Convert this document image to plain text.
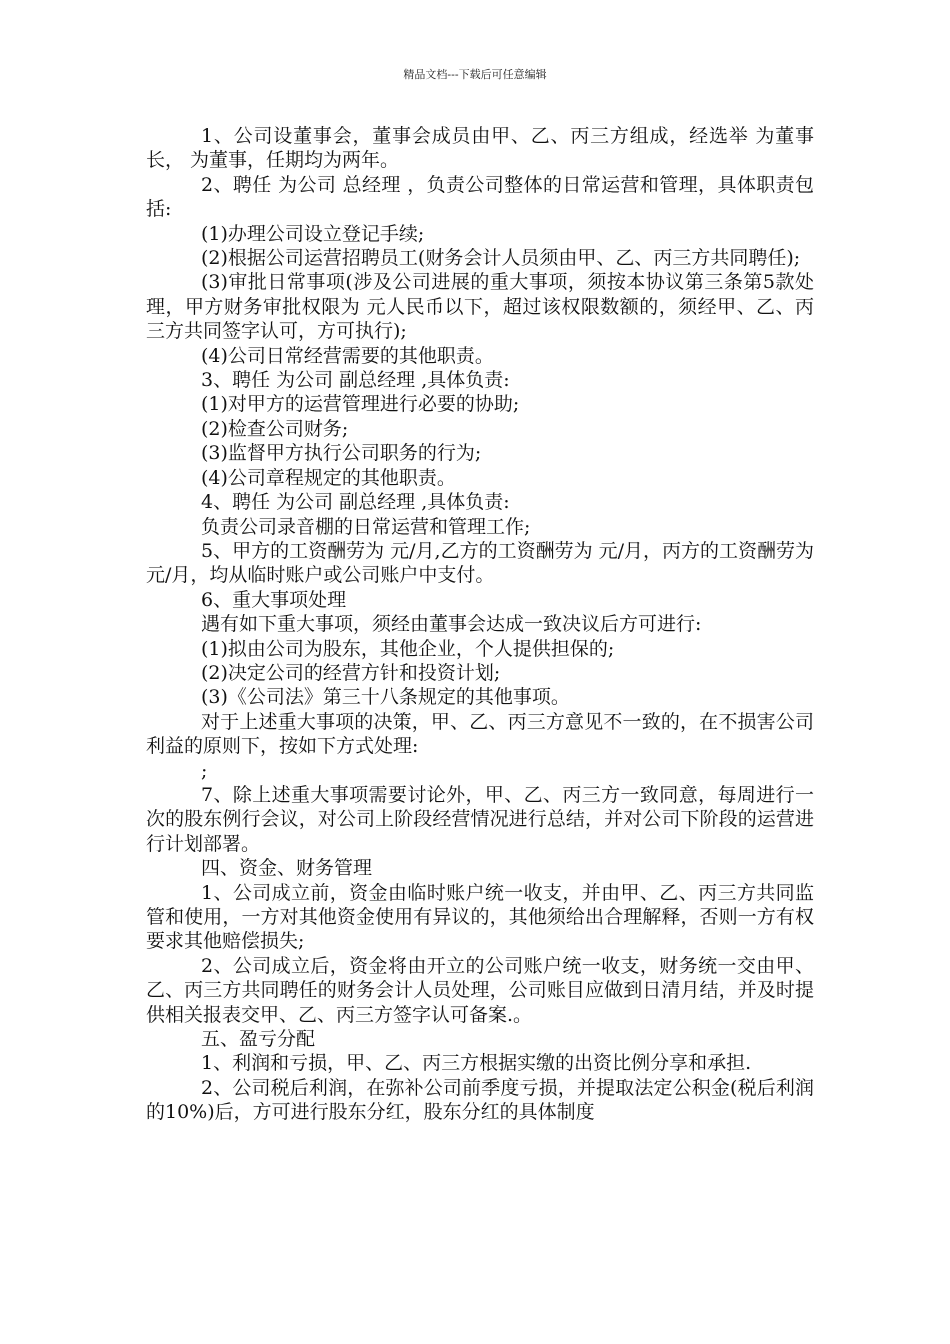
精品文档---下载后可任意编辑

1、公司设董事会，董事会成员由甲、乙、丙三方组成，经选举 为董事长， 为董事，任期均为两年。

2、聘任 为公司 总经理 ，负责公司整体的日常运营和管理，具体职责包括:

(1)办理公司设立登记手续;

(2)根据公司运营招聘员工(财务会计人员须由甲、乙、丙三方共同聘任);

(3)审批日常事项(涉及公司进展的重大事项，须按本协议第三条第5款处理，甲方财务审批权限为 元人民币以下，超过该权限数额的，须经甲、乙、丙三方共同签字认可，方可执行);

(4)公司日常经营需要的其他职责。

3、聘任 为公司 副总经理 ,具体负责:

(1)对甲方的运营管理进行必要的协助;

(2)检查公司财务;

(3)监督甲方执行公司职务的行为;

(4)公司章程规定的其他职责。

4、聘任 为公司 副总经理 ,具体负责:

负责公司录音棚的日常运营和管理工作;

5、甲方的工资酬劳为 元/月,乙方的工资酬劳为 元/月，丙方的工资酬劳为 元/月，均从临时账户或公司账户中支付。

6、重大事项处理

遇有如下重大事项，须经由董事会达成一致决议后方可进行:

(1)拟由公司为股东，其他企业，个人提供担保的;

(2)决定公司的经营方针和投资计划;

(3)《公司法》第三十八条规定的其他事项。

对于上述重大事项的决策，甲、乙、丙三方意见不一致的，在不损害公司利益的原则下，按如下方式处理:

;

7、除上述重大事项需要讨论外，甲、乙、丙三方一致同意，每周进行一次的股东例行会议，对公司上阶段经营情况进行总结，并对公司下阶段的运营进行计划部署。

四、资金、财务管理

1、公司成立前，资金由临时账户统一收支，并由甲、乙、丙三方共同监管和使用，一方对其他资金使用有异议的，其他须给出合理解释，否则一方有权要求其他赔偿损失;

2、公司成立后，资金将由开立的公司账户统一收支，财务统一交由甲、乙、丙三方共同聘任的财务会计人员处理，公司账目应做到日清月结，并及时提供相关报表交甲、乙、丙三方签字认可备案.。

五、盈亏分配

1、利润和亏损，甲、乙、丙三方根据实缴的出资比例分享和承担.

2、公司税后利润，在弥补公司前季度亏损，并提取法定公积金(税后利润的10%)后，方可进行股东分红，股东分红的具体制度
